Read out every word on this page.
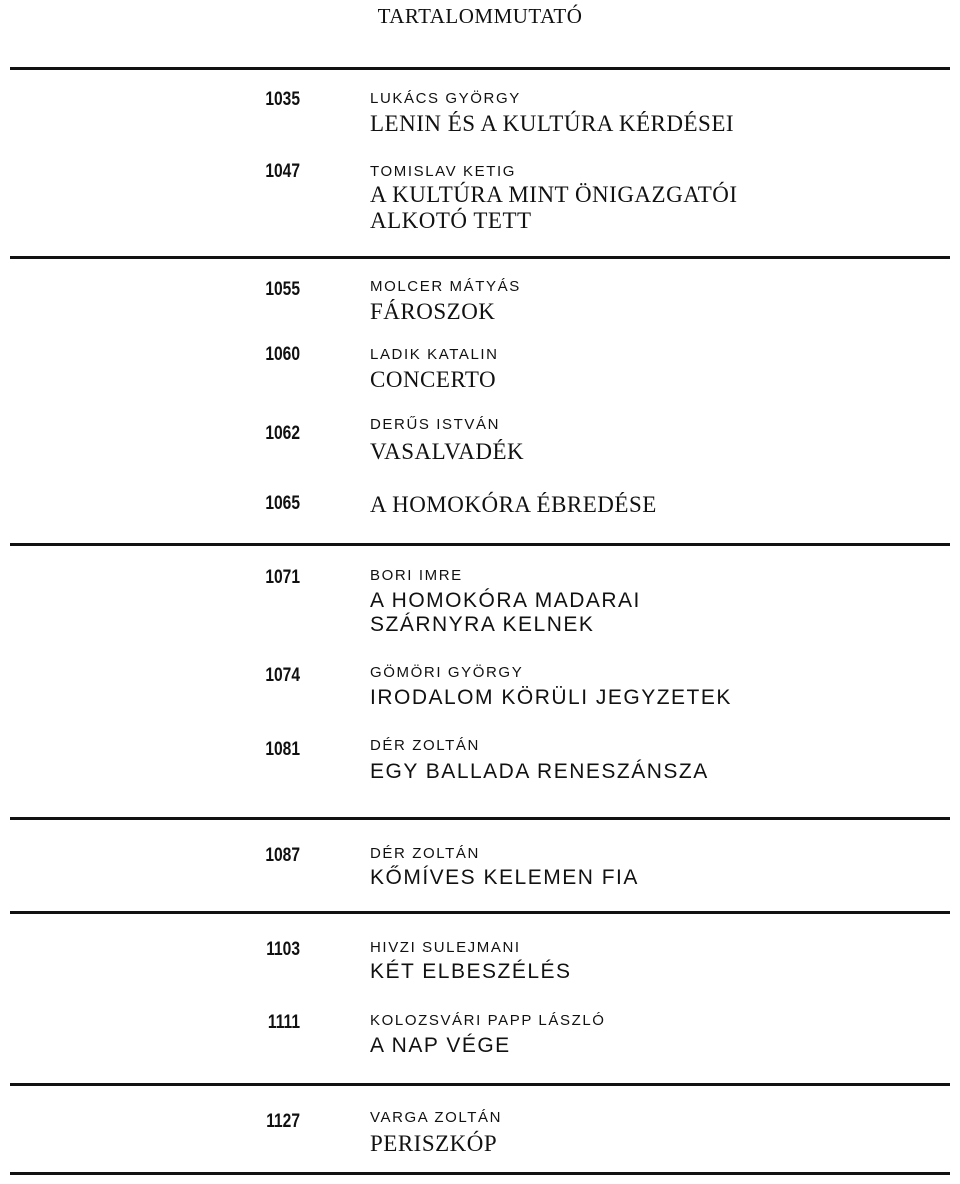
TARTALOMMUTATÓ
1035	LUKÁCS GYÖRGY
LENIN ÉS A KULTÚRA KÉRDÉSEI
1047	TOMISLAV KETIG
A KULTÚRA MINT ÖNIGAZGATÓI
ALKOTÓ TETT
1055	MOLCER MÁTYÁS
FÁROSZOK
1060	LADIK KATALIN
CONCERTO
1062	DERŰS ISTVÁN
VASALVADÉK
1065	A HOMOKÓRA ÉBREDÉSE
1071	BORI IMRE
A HOMOKÓRA MADARAI
SZÁRNYRA KELNEK
1074	GÖMÖRI GYÖRGY
IRODALOM KÖRÜLI JEGYZETEK
1081	DÉR ZOLTÁN
EGY BALLADA RENESZÁNSZA
1087	DÉR ZOLTÁN
KŐMÍVES KELEMEN FIA
1103	HIVZI SULEJMANI
KÉT ELBESZÉLÉS
1111	KOLOZSVÁRI PAPP LÁSZLÓ
A NAP VÉGE
1127	VARGA ZOLTÁN
PERISZKÓP
